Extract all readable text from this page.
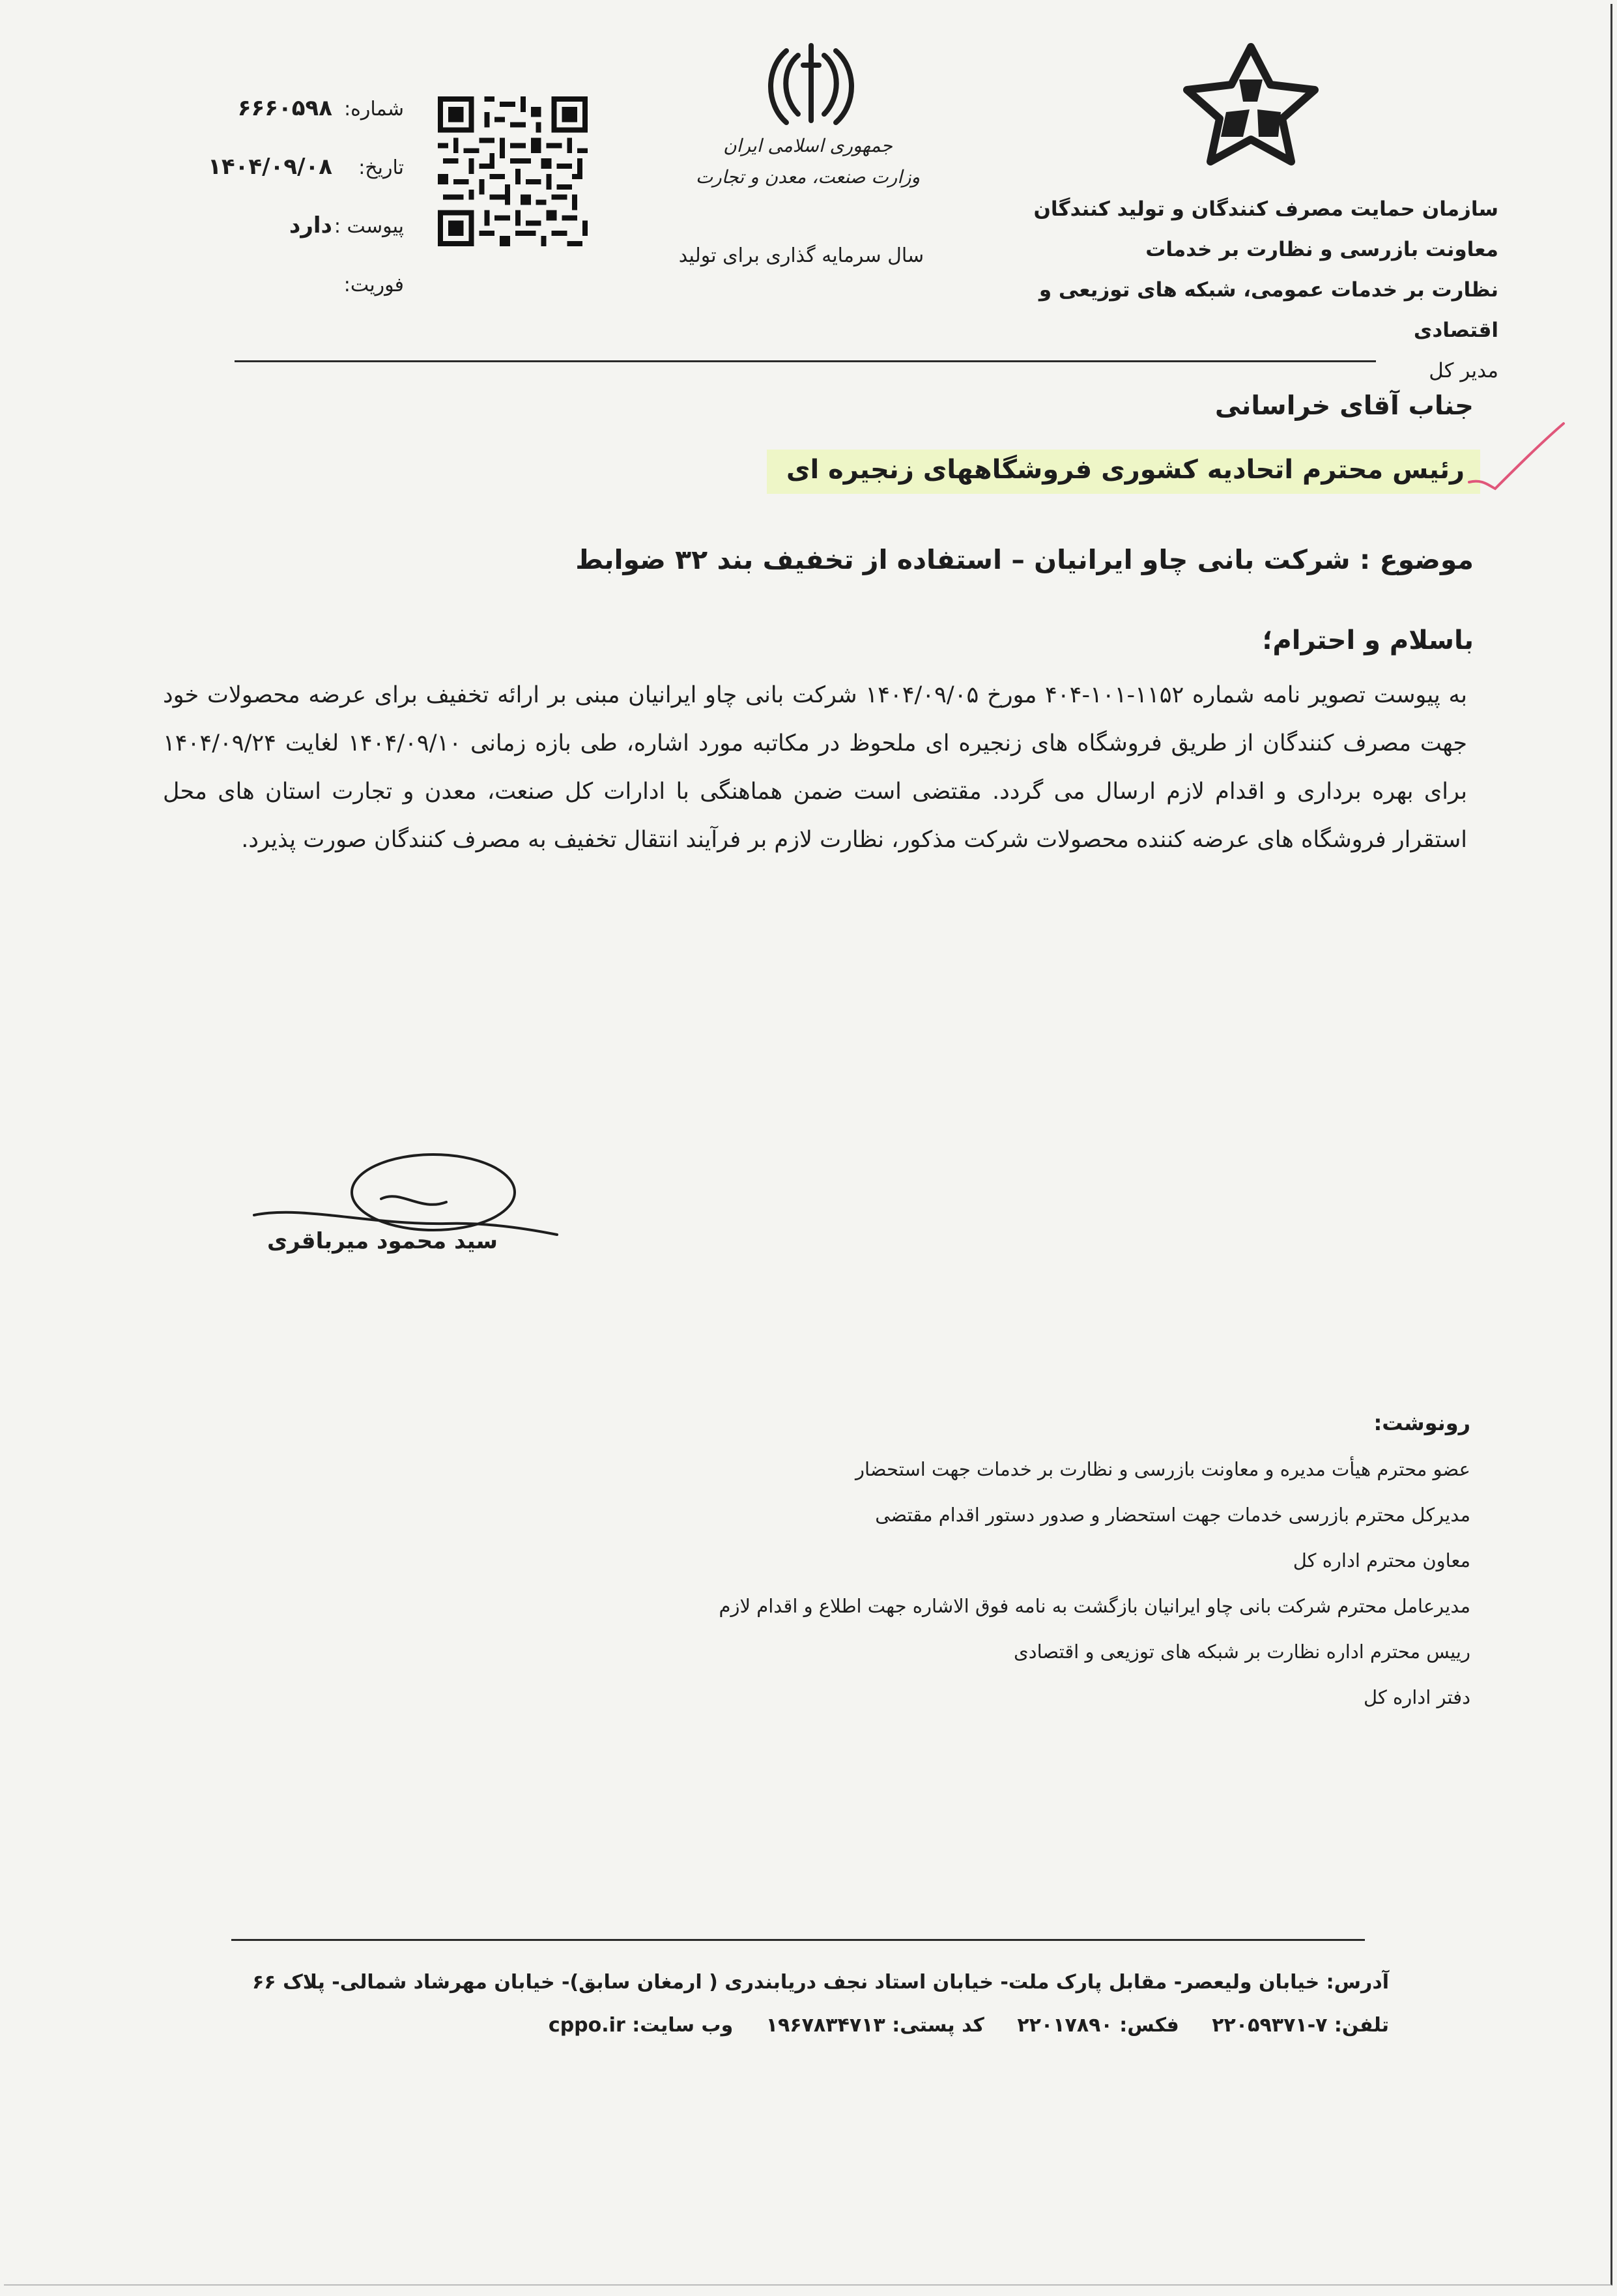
سازمان حمایت مصرف کنندگان و تولید کنندگان
معاونت بازرسی و نظارت بر خدمات
نظارت بر خدمات عمومی، شبکه های توزیعی و اقتصادی
مدیر کل
جمهوری اسلامی ایران
وزارت صنعت، معدن و تجارت
سال سرمایه گذاری برای تولید
شماره:
۶۶۶۰۵۹۸
تاریخ:
۱۴۰۴/۰۹/۰۸
پیوست :
دارد
فوریت:
جناب آقای خراسانی
رئیس محترم اتحادیه کشوری فروشگاههای زنجیره ای
موضوع : شرکت بانی چاو ایرانیان – استفاده از تخفیف بند ۳۲ ضوابط
باسلام و احترام؛
به پیوست تصویر نامه شماره ۱۱۵۲-۱۰۱-۴۰۴ مورخ ۱۴۰۴/۰۹/۰۵ شرکت بانی چاو ایرانیان مبنی بر ارائه تخفیف برای عرضه محصولات خود جهت مصرف کنندگان از طریق فروشگاه های زنجیره ای ملحوظ در مکاتبه مورد اشاره، طی بازه زمانی ۱۴۰۴/۰۹/۱۰ لغایت ۱۴۰۴/۰۹/۲۴ برای بهره برداری و اقدام لازم ارسال می گردد. مقتضی است ضمن هماهنگی با ادارات کل صنعت، معدن و تجارت استان های محل استقرار فروشگاه های عرضه کننده محصولات شرکت مذکور، نظارت لازم بر فرآیند انتقال تخفیف به مصرف کنندگان صورت پذیرد.
سید محمود میرباقری
رونوشت:
عضو محترم هیأت مدیره و معاونت بازرسی و نظارت بر خدمات جهت استحضار
مدیرکل محترم بازرسی خدمات جهت استحضار و صدور دستور اقدام مقتضی
معاون محترم اداره کل
مدیرعامل محترم شرکت بانی چاو ایرانیان بازگشت به نامه فوق الاشاره جهت اطلاع و اقدام لازم
رییس محترم اداره نظارت بر شبکه های توزیعی و اقتصادی
دفتر اداره کل
آدرس: خیابان ولیعصر- مقابل پارک ملت- خیابان استاد نجف دریابندری ( ارمغان سابق)- خیابان مهرشاد شمالی- پلاک ۶۶
تلفن: ۷-۲۲۰۵۹۳۷۱ فکس: ۲۲۰۱۷۸۹۰ کد پستی: ۱۹۶۷۸۳۴۷۱۳ وب سایت: cppo.ir
